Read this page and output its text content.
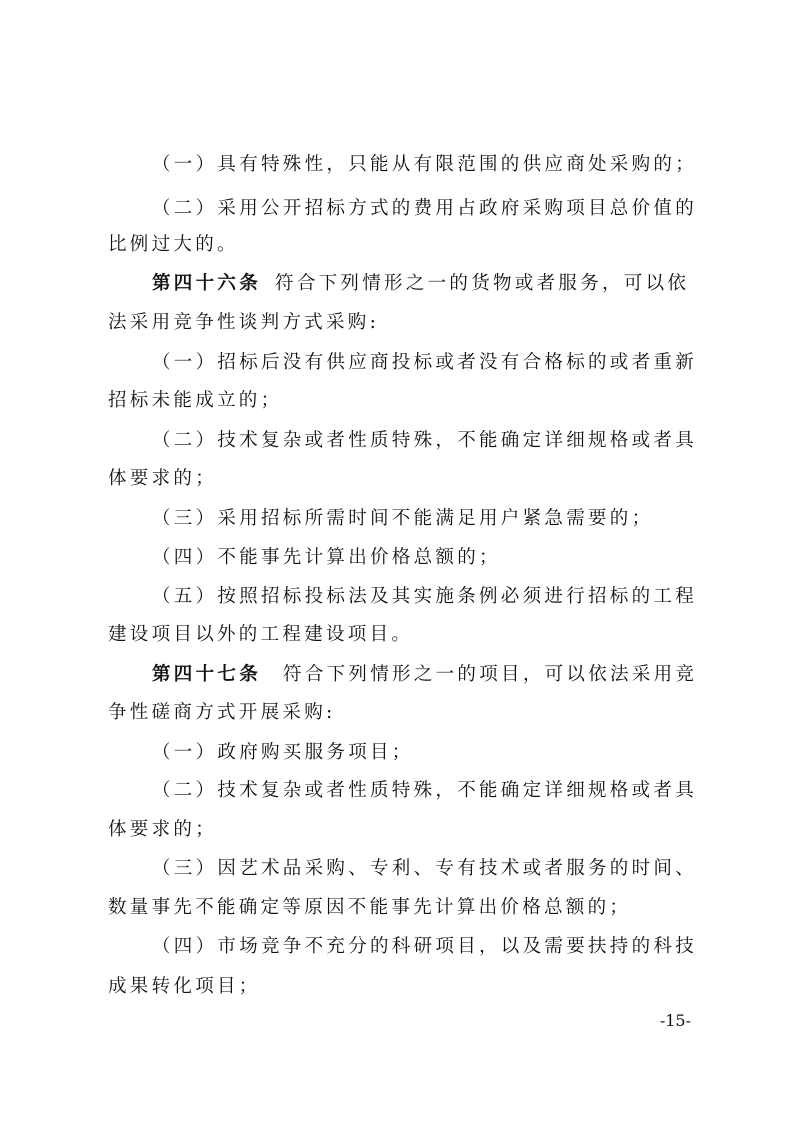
（一）具有特殊性，只能从有限范围的供应商处采购的；
（二）采用公开招标方式的费用占政府采购项目总价值的
比例过大的。
第四十六条 符合下列情形之一的货物或者服务，可以依
法采用竞争性谈判方式采购:
（一）招标后没有供应商投标或者没有合格标的或者重新
招标未能成立的；
（二）技术复杂或者性质特殊，不能确定详细规格或者具
体要求的；
（三）采用招标所需时间不能满足用户紧急需要的；
（四）不能事先计算出价格总额的；
（五）按照招标投标法及其实施条例必须进行招标的工程
建设项目以外的工程建设项目。
第四十七条 符合下列情形之一的项目，可以依法采用竞
争性磋商方式开展采购:
（一）政府购买服务项目；
（二）技术复杂或者性质特殊，不能确定详细规格或者具
体要求的；
（三）因艺术品采购、专利、专有技术或者服务的时间、
数量事先不能确定等原因不能事先计算出价格总额的；
（四）市场竞争不充分的科研项目，以及需要扶持的科技
成果转化项目；
-15-
